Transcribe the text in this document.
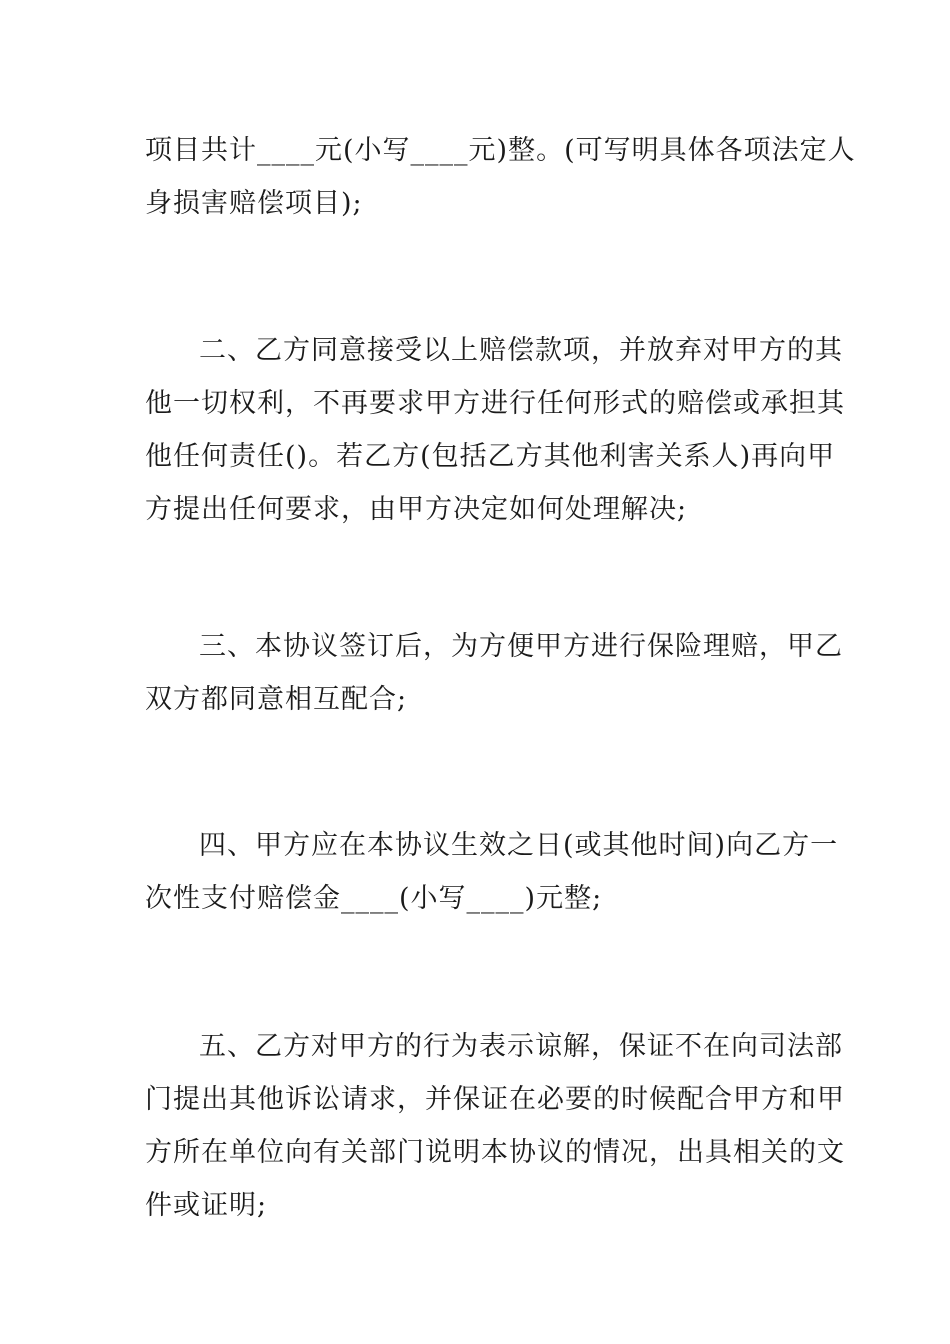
项目共计____元(小写____元)整。(可写明具体各项法定人
身损害赔偿项目);

二、乙方同意接受以上赔偿款项，并放弃对甲方的其
他一切权利，不再要求甲方进行任何形式的赔偿或承担其
他任何责任()。若乙方(包括乙方其他利害关系人)再向甲
方提出任何要求，由甲方决定如何处理解决;

三、本协议签订后，为方便甲方进行保险理赔，甲乙
双方都同意相互配合;

四、甲方应在本协议生效之日(或其他时间)向乙方一
次性支付赔偿金____(小写____)元整;

五、乙方对甲方的行为表示谅解，保证不在向司法部
门提出其他诉讼请求，并保证在必要的时候配合甲方和甲
方所在单位向有关部门说明本协议的情况，出具相关的文
件或证明;
